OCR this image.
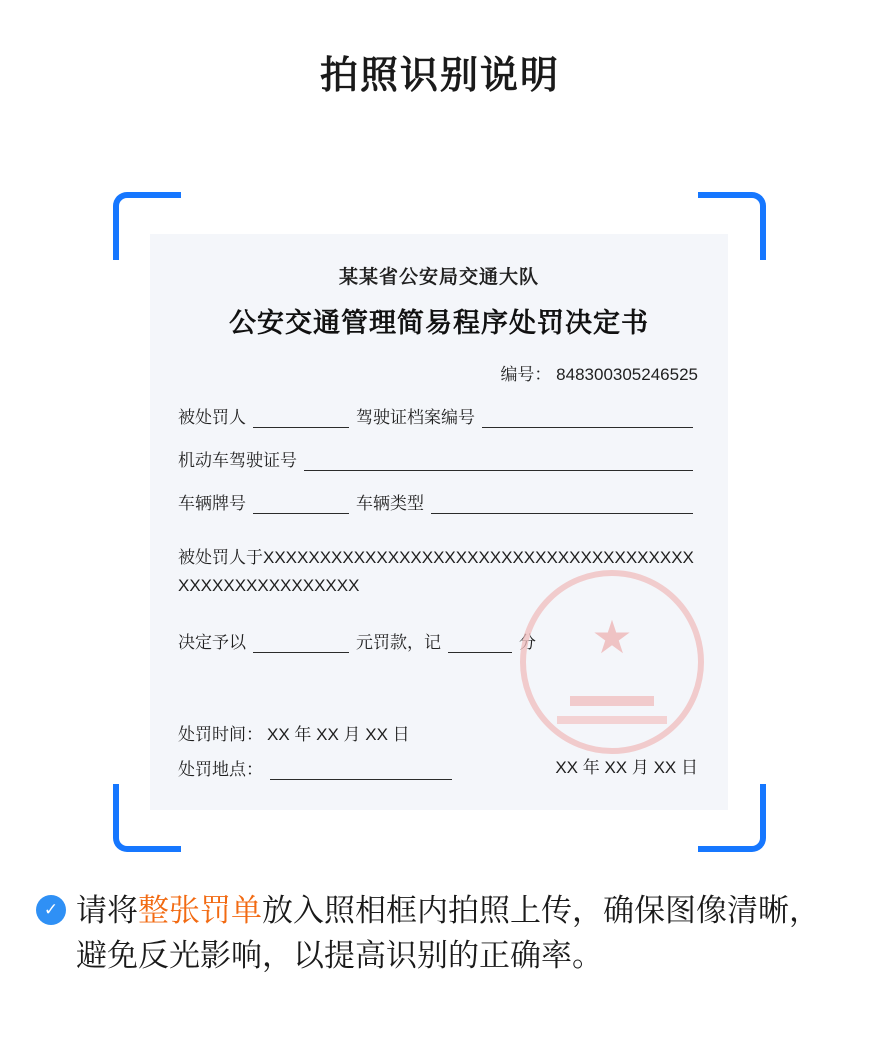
拍照识别说明
某某省公安局交通大队
公安交通管理简易程序处罚决定书
编号： 848300305246525
被处罚人	驾驶证档案编号
机动车驾驶证号
车辆牌号	车辆类型
被处罚人于XXXXXXXXXXXXXXXXXXXXXXXXXXXXXXXXXXXXXXXXXXXXXXXXXXXXXX
决定予以	元罚款，记	分 ★
处罚时间： XX 年 XX 月 XX 日
处罚地点：	XX 年 XX 月 XX 日
✓ 请将整张罚单放入照相框内拍照上传，确保图像清晰，避免反光影响，以提高识别的正确率。
